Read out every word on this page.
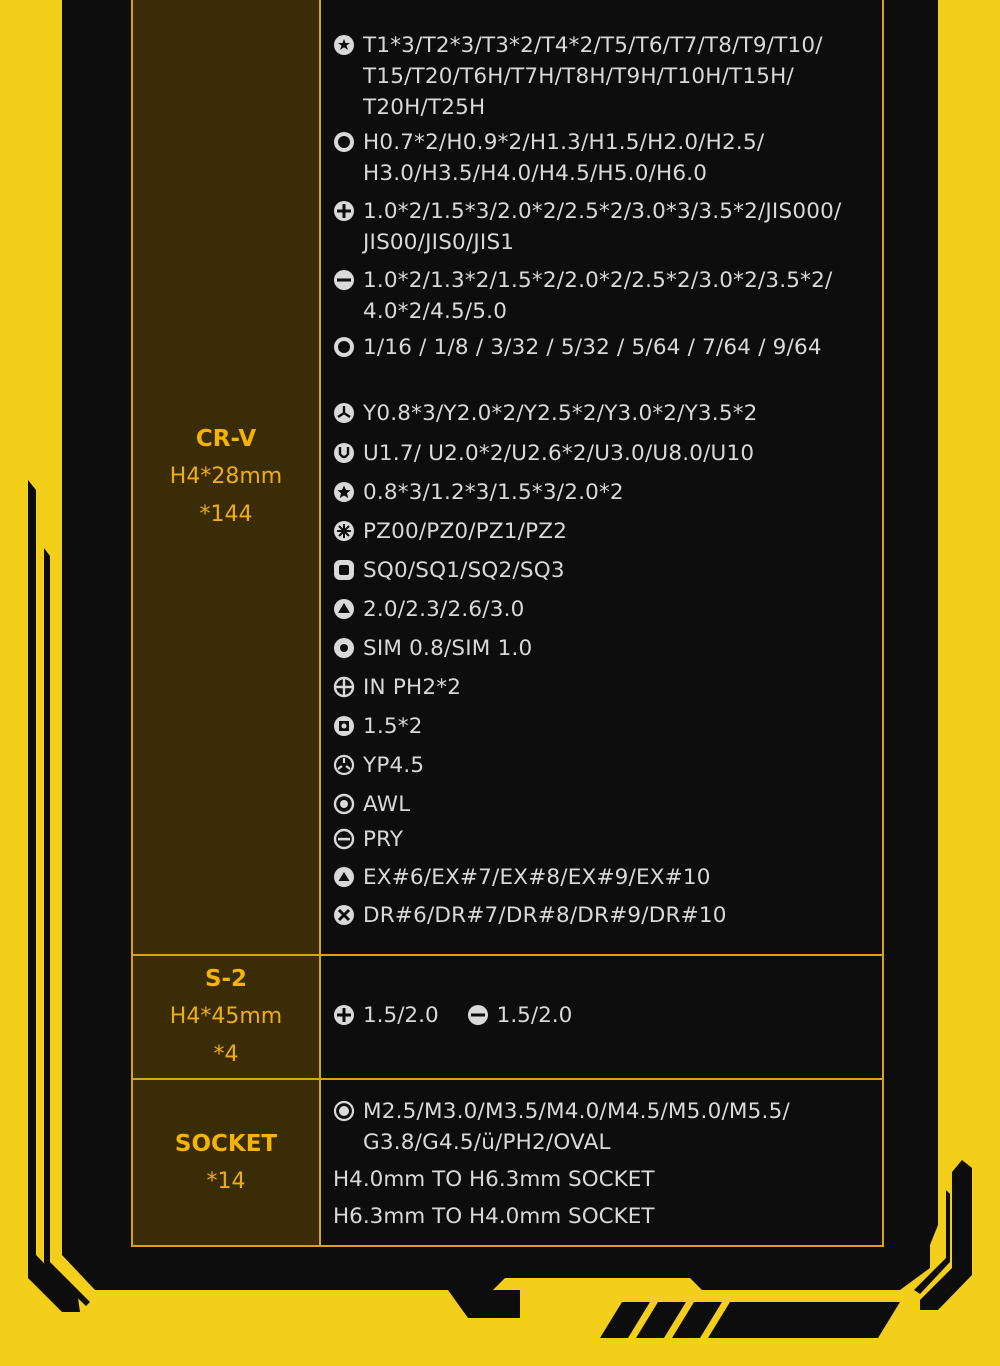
CR-V
H4*28mm
*144
T1*3/T2*3/T3*2/T4*2/T5/T6/T7/T8/T9/T10/ T15/T20/T6H/T7H/T8H/T9H/T10H/T15H/ T20H/T25H
H0.7*2/H0.9*2/H1.3/H1.5/H2.0/H2.5/ H3.0/H3.5/H4.0/H4.5/H5.0/H6.0
1.0*2/1.5*3/2.0*2/2.5*2/3.0*3/3.5*2/JIS000/ JIS00/JIS0/JIS1
1.0*2/1.3*2/1.5*2/2.0*2/2.5*2/3.0*2/3.5*2/ 4.0*2/4.5/5.0
1/16 / 1/8 / 3/32 / 5/32 / 5/64 / 7/64 / 9/64
Y0.8*3/Y2.0*2/Y2.5*2/Y3.0*2/Y3.5*2
U1.7/ U2.0*2/U2.6*2/U3.0/U8.0/U10
0.8*3/1.2*3/1.5*3/2.0*2
PZ00/PZ0/PZ1/PZ2
SQ0/SQ1/SQ2/SQ3
2.0/2.3/2.6/3.0
SIM 0.8/SIM 1.0
IN PH2*2
1.5*2
YP4.5
AWL
PRY
EX#6/EX#7/EX#8/EX#9/EX#10
DR#6/DR#7/DR#8/DR#9/DR#10
S-2
H4*45mm
*4
1.5/2.0	1.5/2.0
SOCKET
*14
M2.5/M3.0/M3.5/M4.0/M4.5/M5.0/M5.5/ G3.8/G4.5/ü/PH2/OVAL
H4.0mm TO H6.3mm SOCKET
H6.3mm TO H4.0mm SOCKET
